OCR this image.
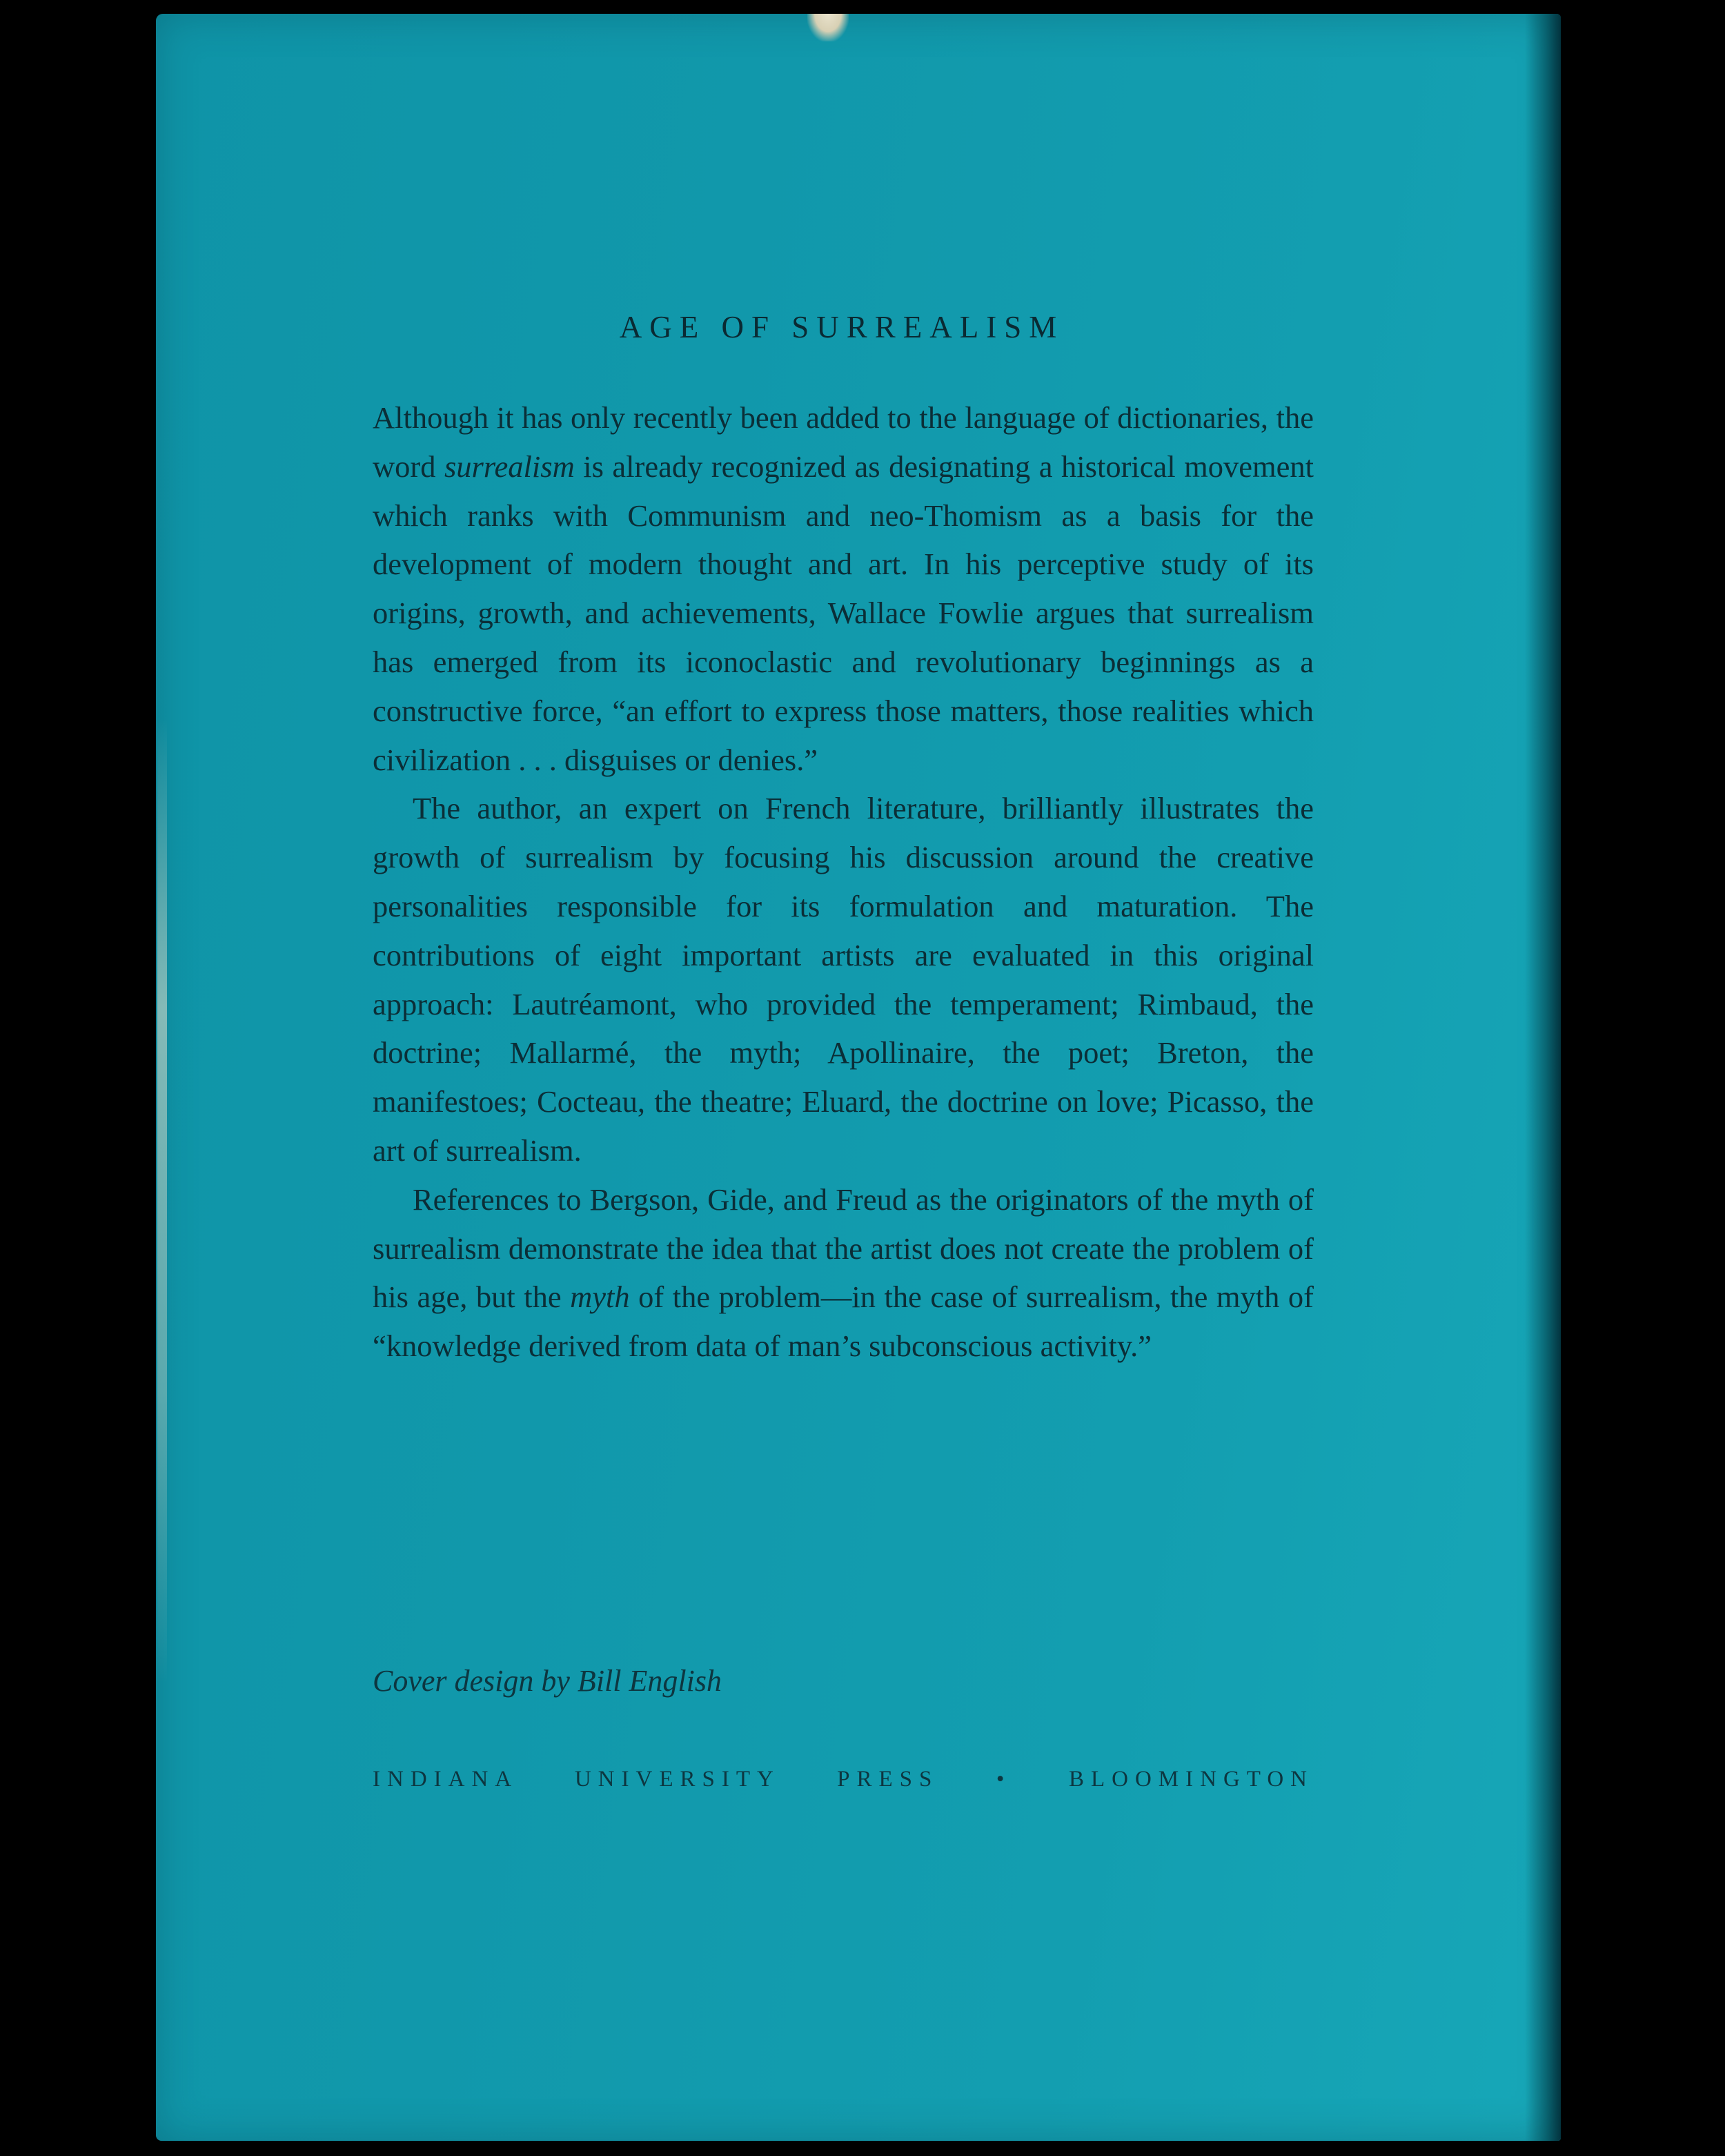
AGE OF SURREALISM

Although it has only recently been added to the language of dictionaries, the word surrealism is already recognized as designating a historical movement which ranks with Communism and neo-Thomism as a basis for the development of modern thought and art. In his perceptive study of its origins, growth, and achievements, Wallace Fowlie argues that surrealism has emerged from its iconoclastic and revolutionary beginnings as a constructive force, “an effort to express those matters, those realities which civilization . . . disguises or denies.”

The author, an expert on French literature, brilliantly illustrates the growth of surrealism by focusing his discussion around the creative personalities responsible for its formulation and maturation. The contributions of eight important artists are evaluated in this original approach: Lautréamont, who provided the temperament; Rimbaud, the doctrine; Mallarmé, the myth; Apollinaire, the poet; Breton, the manifestoes; Cocteau, the theatre; Eluard, the doctrine on love; Picasso, the art of surrealism.

References to Bergson, Gide, and Freud as the originators of the myth of surrealism demonstrate the idea that the artist does not create the problem of his age, but the myth of the problem—in the case of surrealism, the myth of “knowledge derived from data of man’s subconscious activity.”

Cover design by Bill English
INDIANA UNIVERSITY PRESS • BLOOMINGTON
